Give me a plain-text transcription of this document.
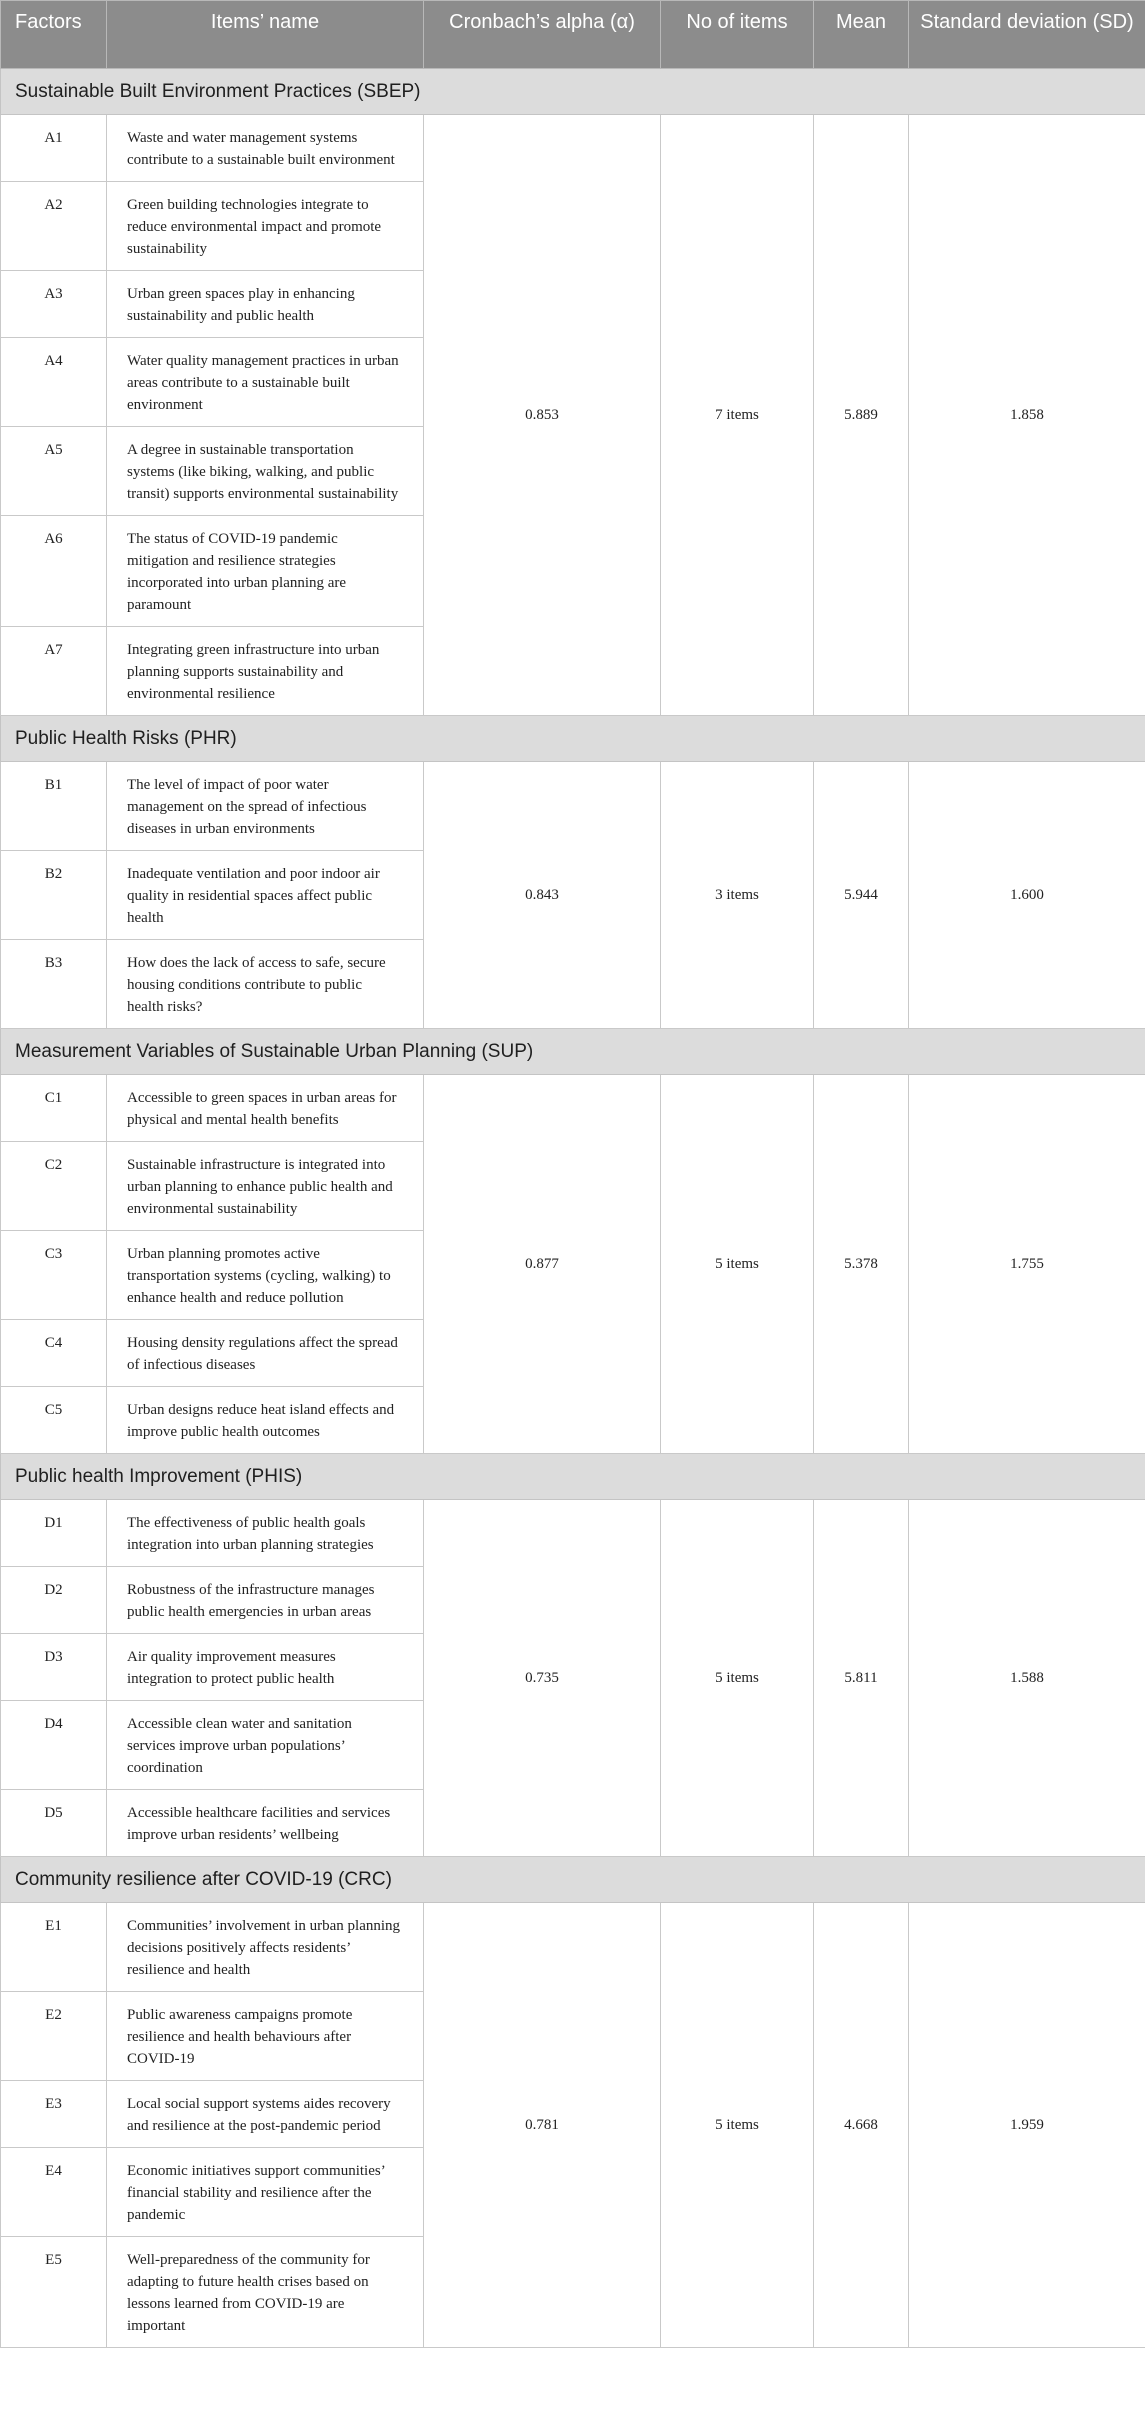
Factors	Items’ name	Cronbach’s alpha (α)	No of items	Mean	Standard deviation (SD)
Sustainable Built Environment Practices (SBEP)					
A1	Waste and water management systems contribute to a sustainable built environment	0.853	7 items	5.889	1.858
A2	Green building technologies integrate to reduce environmental impact and promote sustainability				
A3	Urban green spaces play in enhancing sustainability and public health				
A4	Water quality management practices in urban areas contribute to a sustainable built environment				
A5	A degree in sustainable transportation systems (like biking, walking, and public transit) supports environmental sustainability				
A6	The status of COVID-19 pandemic mitigation and resilience strategies incorporated into urban planning are paramount				
A7	Integrating green infrastructure into urban planning supports sustainability and environmental resilience				
Public Health Risks (PHR)					
B1	The level of impact of poor water management on the spread of infectious diseases in urban environments	0.843	3 items	5.944	1.600
B2	Inadequate ventilation and poor indoor air quality in residential spaces affect public health				
B3	How does the lack of access to safe, secure housing conditions contribute to public health risks?				
Measurement Variables of Sustainable Urban Planning (SUP)					
C1	Accessible to green spaces in urban areas for physical and mental health benefits	0.877	5 items	5.378	1.755
C2	Sustainable infrastructure is integrated into urban planning to enhance public health and environmental sustainability				
C3	Urban planning promotes active transportation systems (cycling, walking) to enhance health and reduce pollution				
C4	Housing density regulations affect the spread of infectious diseases				
C5	Urban designs reduce heat island effects and improve public health outcomes				
Public health Improvement (PHIS)					
D1	The effectiveness of public health goals integration into urban planning strategies	0.735	5 items	5.811	1.588
D2	Robustness of the infrastructure manages public health emergencies in urban areas				
D3	Air quality improvement measures integration to protect public health				
D4	Accessible clean water and sanitation services improve urban populations’ coordination				
D5	Accessible healthcare facilities and services improve urban residents’ wellbeing				
Community resilience after COVID-19 (CRC)					
E1	Communities’ involvement in urban planning decisions positively affects residents’ resilience and health	0.781	5 items	4.668	1.959
E2	Public awareness campaigns promote resilience and health behaviours after COVID-19				
E3	Local social support systems aides recovery and resilience at the post-pandemic period				
E4	Economic initiatives support communities’ financial stability and resilience after the pandemic				
E5	Well-preparedness of the community for adapting to future health crises based on lessons learned from COVID-19 are important				
